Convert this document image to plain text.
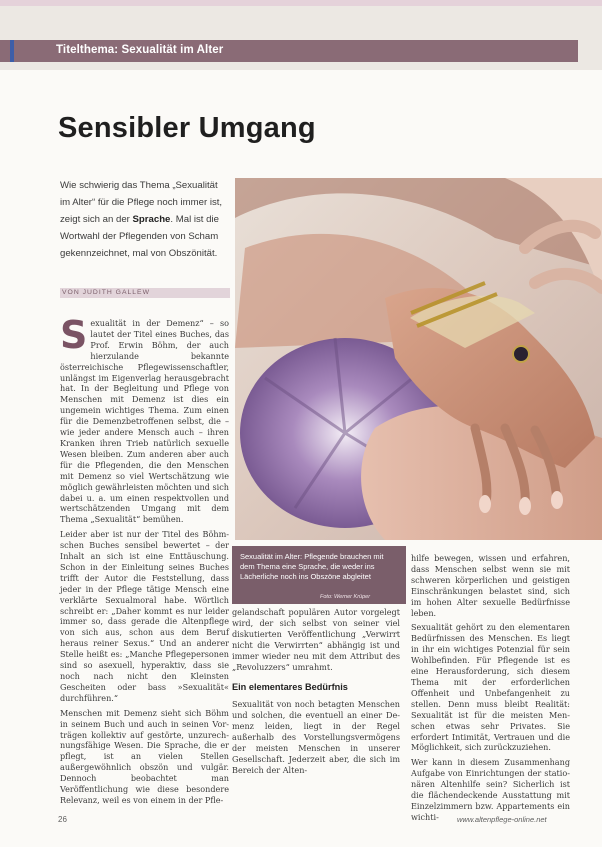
Titelthema: Sexualität im Alter
Sensibler Umgang
Wie schwierig das Thema „Sexualität im Alter“ für die Pflege noch immer ist, zeigt sich an der Sprache. Mal ist die Wortwahl der Pflegenden von Scham gekennzeichnet, mal von Obszönität.
VON JUDITH GALLEW

Sexualität in der Demenz“ – so lautet der Titel eines Buches, das Prof. Erwin Böhm, der auch hierzulande bekannte österreichische Pflegewissenschaftler, unlängst im Eigenverlag herausgebracht hat. In der Begleitung und Pflege von Menschen mit Demenz ist dies ein ungemein wichtiges Thema. Zum einen für die Demenzbetroffenen selbst, die – wie jeder andere Mensch auch – ihren Kranken ihren Trieb natürlich sexuelle Wesen bleiben. Zum anderen aber auch für die Pflegenden, die den Menschen mit Demenz so viel Wertschätzung wie möglich gewährleisten möchten und sich dabei u. a. um einen respektvollen und wertschätzenden Umgang mit dem Thema „Sexualität“ bemühen.

Leider aber ist nur der Titel des Böhmschen Buches sensibel bewertet – der Inhalt an sich ist eine Enttäuschung. Schon in der Einleitung seines Buches trifft der Autor die Feststellung, dass jeder in der Pflege tätige Mensch eine verklärte Sexualmoral habe. Wörtlich schreibt er: „Daher kommt es nur leider immer so, dass gerade die Altenpflege von sich aus, schon aus dem Beruf heraus reiner Sexus.“ Und an anderer Stelle heißt es: „Manche Pflegepersonen sind so asexuell, hyperaktiv, dass sie noch nach nicht den Kleinsten Gescheiten oder bass »Sexualität« durchführen.“

Menschen mit Demenz sieht sich Böhm in seinem Buch und auch in seinen Vorträgen kollektiv auf gestörte, unzurechnungsfähige Wesen. Die Sprache, die er pflegt, ist an vielen Stellen außergewöhnlich obszön und vulgär. Dennoch beobachtet man Veröffentlichung wie diese besondere Relevanz, weil es von einem in der Pfle-

Sexualität im Alter: Pflegende brauchen mit dem Thema eine Sprache, die weder ins Lächerliche noch ins Obszöne abgleitet
Foto: Werner Krüper

gelandschaft populären Autor vorgelegt wird, der sich selbst von seiner viel diskutierten Veröffentlichung „Verwirrt nicht die Verwirrten“ abhängig ist und immer wieder neu mit dem Attribut des „Revoluzzers“ umrahmt.

Ein elementares Bedürfnis

Sexualität von noch betagten Menschen und solchen, die eventuell an einer Demenz leiden, liegt in der Regel außerhalb des Vorstellungsvermögens der meisten Menschen in unserer Gesellschaft. Jederzeit aber, die sich im Bereich der Alten-

hilfe bewegen, wissen und erfahren, dass Menschen selbst wenn sie mit schweren körperlichen und geistigen Einschränkungen belastet sind, sich im hohen Alter sexuelle Bedürfnisse leben.

Sexualität gehört zu den elementaren Bedürfnissen des Menschen. Es liegt in ihr ein wichtiges Potenzial für sein Wohlbefinden. Für Pflegende ist es eine Herausforderung, sich diesem Thema mit der erforderlichen Offenheit und Unbefangenheit zu stellen. Denn muss bleibt Realität: Sexualität ist für die meisten Menschen etwas sehr Privates. Sie erfordert Intimität, Vertrauen und die Möglichkeit, sich zurückzuziehen.

Wer kann in diesem Zusammenhang Aufgabe von Einrichtungen der stationären Altenhilfe sein? Sicherlich ist die flächendeckende Ausstattung mit Einzelzimmern bzw. Appartements ein wichti-

26	www.altenpflege-online.net
